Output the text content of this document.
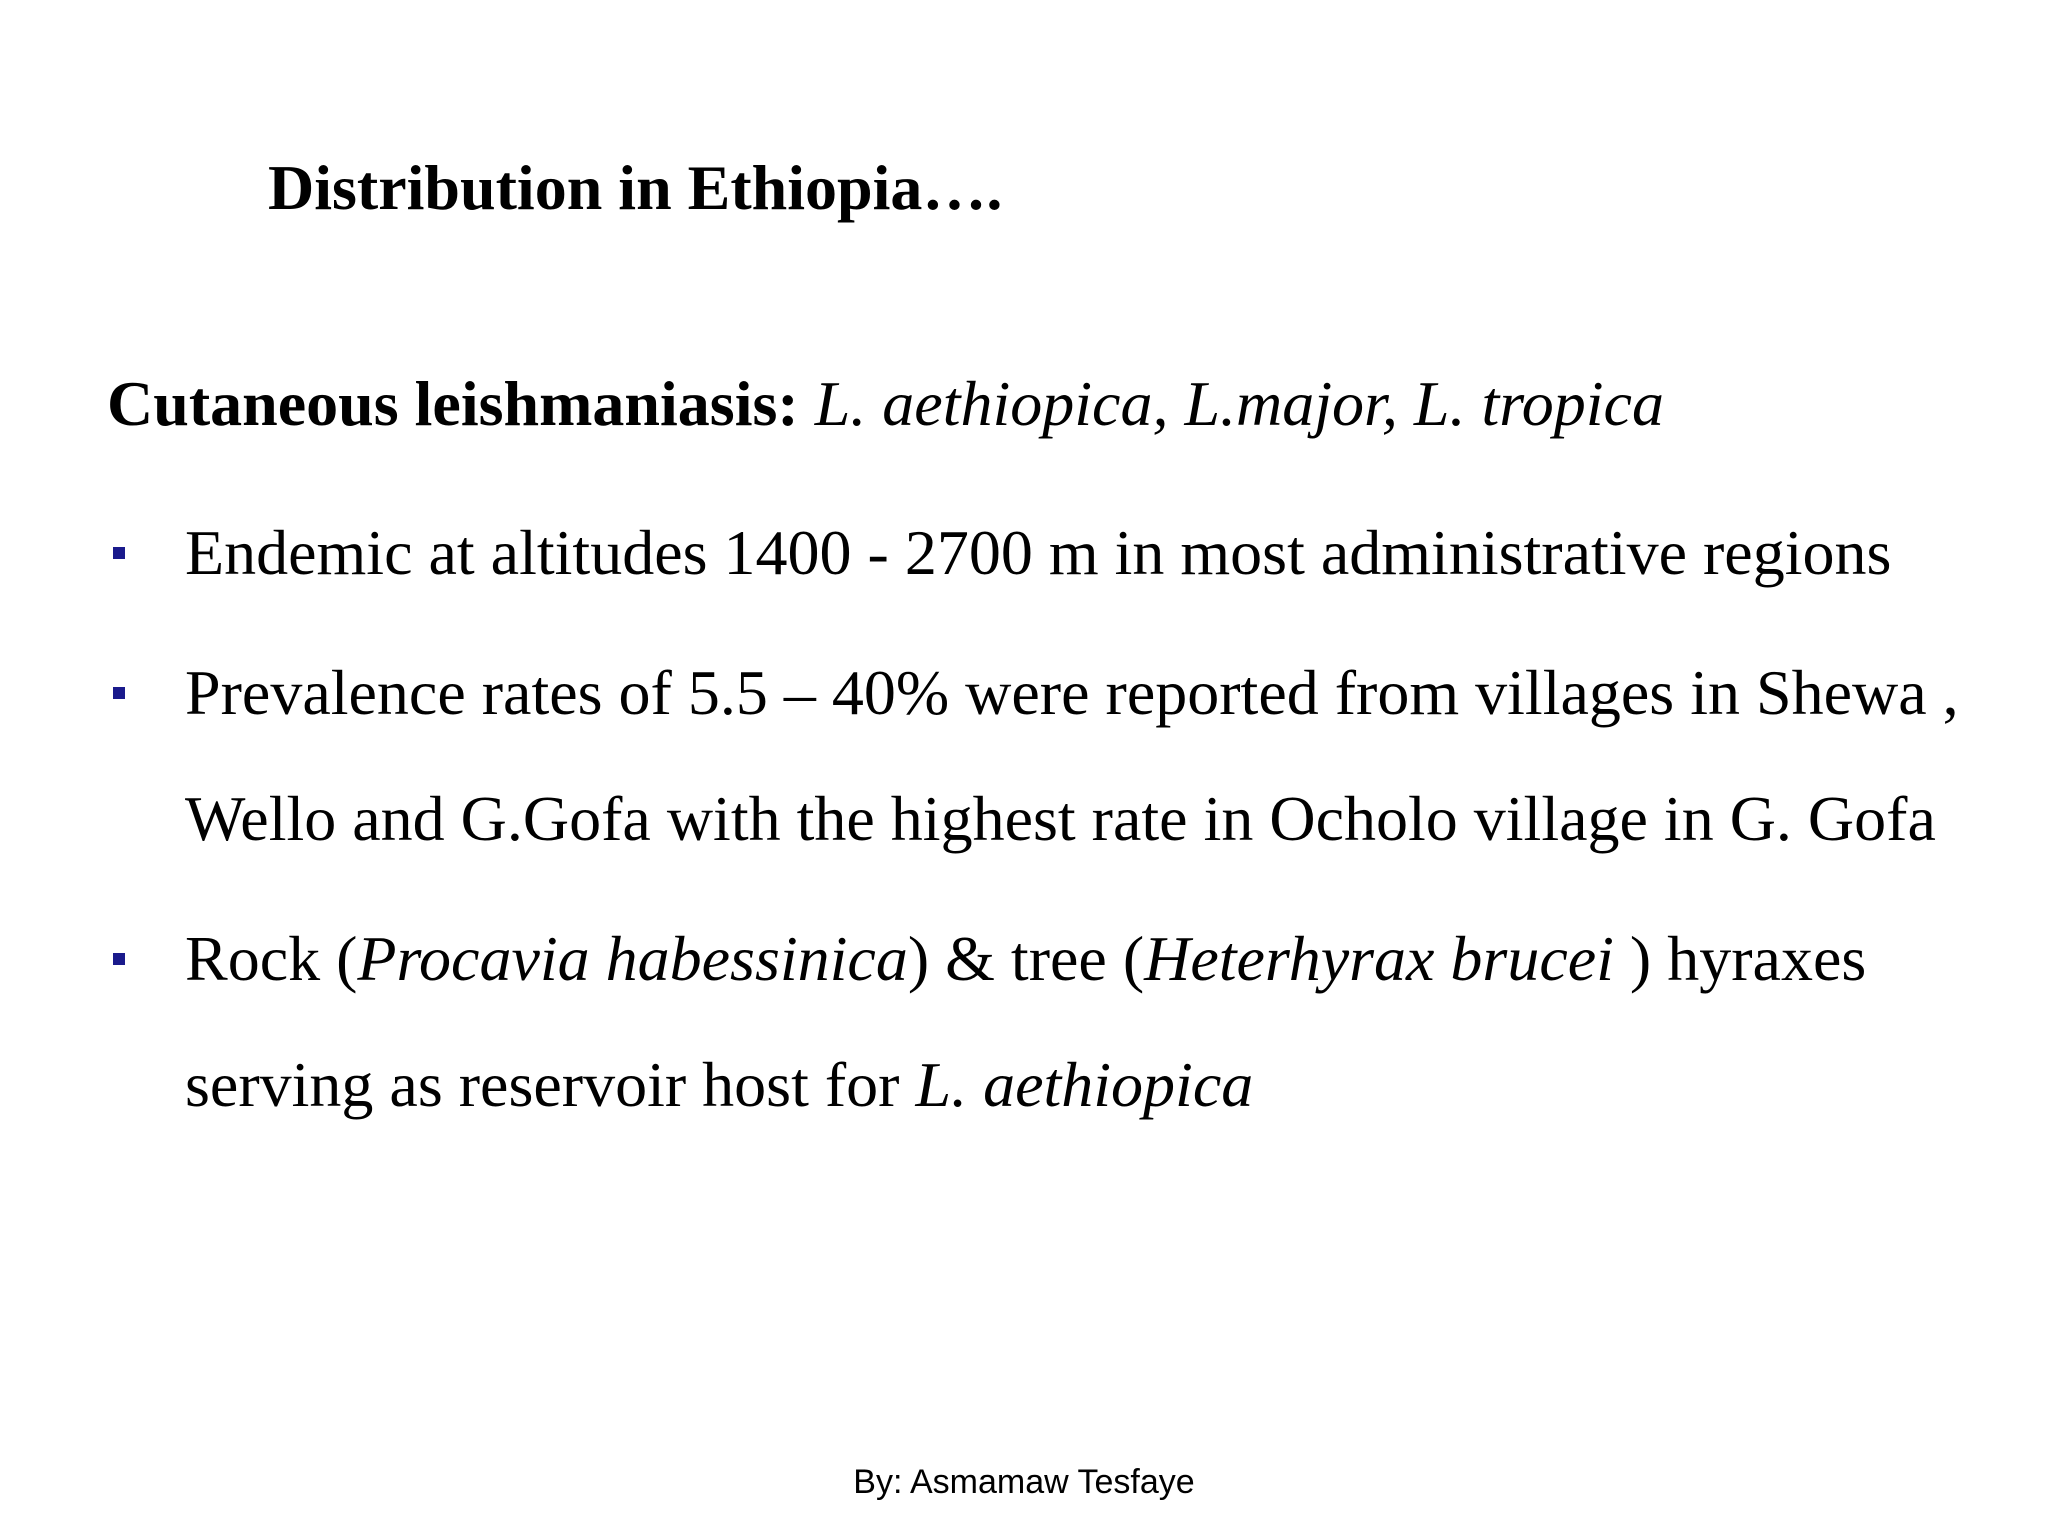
Distribution in Ethiopia….
Cutaneous leishmaniasis: L. aethiopica, L.major, L. tropica
Endemic at altitudes 1400 - 2700 m in most administrative regions
Prevalence rates of 5.5 – 40% were reported from villages in Shewa , Wello and G.Gofa with the highest rate in Ocholo village in G. Gofa
Rock (Procavia habessinica) & tree (Heterhyrax brucei ) hyraxes serving as reservoir host for L. aethiopica
By: Asmamaw Tesfaye
